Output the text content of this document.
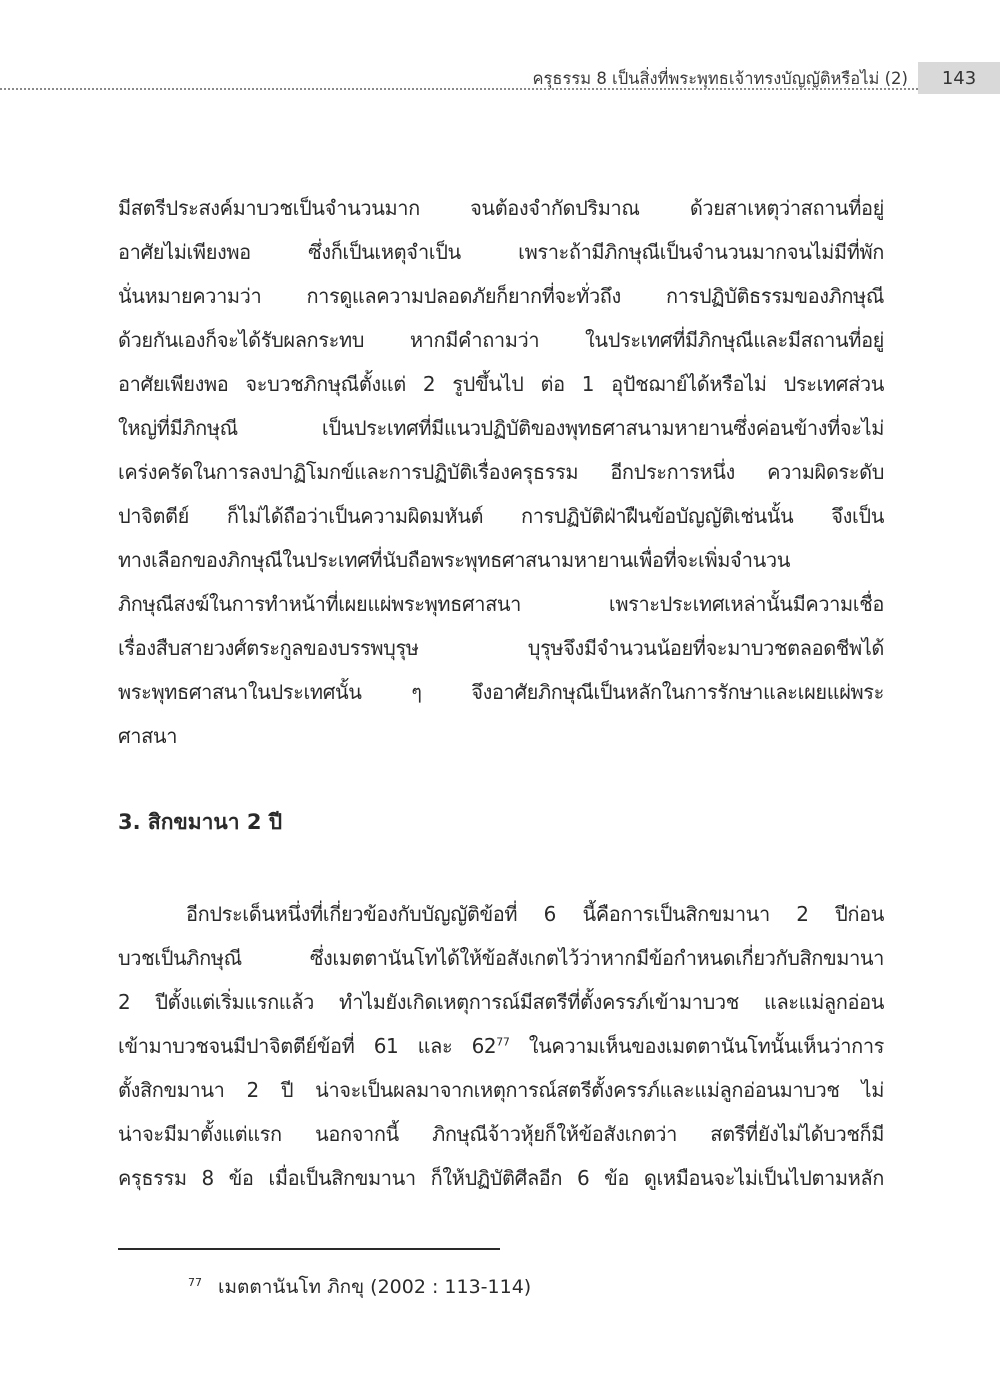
ครุธรรม 8 เป็นสิ่งที่พระพุทธเจ้าทรงบัญญัติหรือไม่ (2)	143
มีสตรีประสงค์มาบวชเป็นจำนวนมาก จนต้องจำกัดปริมาณ ด้วยสาเหตุว่าสถานที่อยู่
อาศัยไม่เพียงพอ ซึ่งก็เป็นเหตุจำเป็น เพราะถ้ามีภิกษุณีเป็นจำนวนมากจนไม่มีที่พัก
นั่นหมายความว่า การดูแลความปลอดภัยก็ยากที่จะทั่วถึง การปฏิบัติธรรมของภิกษุณี
ด้วยกันเองก็จะได้รับผลกระทบ หากมีคำถามว่า ในประเทศที่มีภิกษุณีและมีสถานที่อยู่
อาศัยเพียงพอ จะบวชภิกษุณีตั้งแต่ 2 รูปขึ้นไป ต่อ 1 อุปัชฌาย์ได้หรือไม่ ประเทศส่วน
ใหญ่ที่มีภิกษุณี เป็นประเทศที่มีแนวปฏิบัติของพุทธศาสนามหายานซึ่งค่อนข้างที่จะไม่
เคร่งครัดในการลงปาฏิโมกข์และการปฏิบัติเรื่องครุธรรม อีกประการหนึ่ง ความผิดระดับ
ปาจิตตีย์ ก็ไม่ได้ถือว่าเป็นความผิดมหันต์ การปฏิบัติฝ่าฝืนข้อบัญญัติเช่นนั้น จึงเป็น
ทางเลือกของภิกษุณีในประเทศที่นับถือพระพุทธศาสนามหายานเพื่อที่จะเพิ่มจำนวน
ภิกษุณีสงฆ์ในการทำหน้าที่เผยแผ่พระพุทธศาสนา เพราะประเทศเหล่านั้นมีความเชื่อ
เรื่องสืบสายวงศ์ตระกูลของบรรพบุรุษ บุรุษจึงมีจำนวนน้อยที่จะมาบวชตลอดชีพได้
พระพุทธศาสนาในประเทศนั้น ๆ จึงอาศัยภิกษุณีเป็นหลักในการรักษาและเผยแผ่พระ
ศาสนา
3. สิกขมานา 2 ปี
อีกประเด็นหนึ่งที่เกี่ยวข้องกับบัญญัติข้อที่ 6 นี้คือการเป็นสิกขมานา 2 ปีก่อน
บวชเป็นภิกษุณี ซึ่งเมตตานันโทได้ให้ข้อสังเกตไว้ว่าหากมีข้อกำหนดเกี่ยวกับสิกขมานา
2 ปีตั้งแต่เริ่มแรกแล้ว ทำไมยังเกิดเหตุการณ์มีสตรีที่ตั้งครรภ์เข้ามาบวช และแม่ลูกอ่อน
เข้ามาบวชจนมีปาจิตตีย์ข้อที่ 61 และ $62^{77}$ ในความเห็นของเมตตานันโทนั้นเห็นว่าการ
ตั้งสิกขมานา 2 ปี น่าจะเป็นผลมาจากเหตุการณ์สตรีตั้งครรภ์และแม่ลูกอ่อนมาบวช ไม่
น่าจะมีมาตั้งแต่แรก นอกจากนี้ ภิกษุณีจ้าวหุ้ยก็ให้ข้อสังเกตว่า สตรีที่ยังไม่ได้บวชก็มี
ครุธรรม 8 ข้อ เมื่อเป็นสิกขมานา ก็ให้ปฏิบัติศีลอีก 6 ข้อ ดูเหมือนจะไม่เป็นไปตามหลัก
$^{77}$ เมตตานันโท ภิกขุ (2002 : 113-114)
